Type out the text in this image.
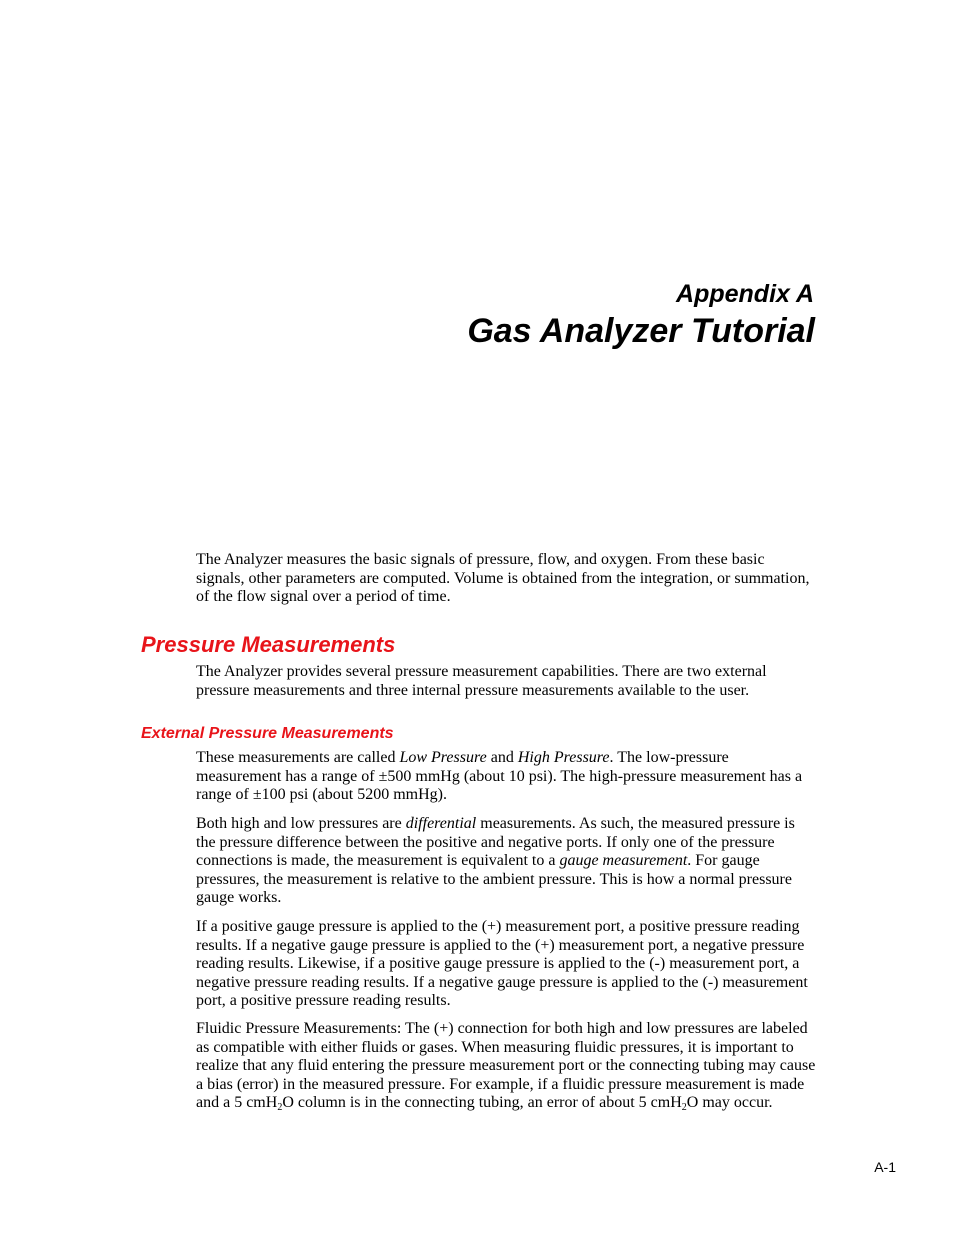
Appendix A

Gas Analyzer Tutorial

The Analyzer measures the basic signals of pressure, flow, and oxygen. From these basic signals, other parameters are computed. Volume is obtained from the integration, or summation, of the flow signal over a period of time.

Pressure Measurements

The Analyzer provides several pressure measurement capabilities. There are two external pressure measurements and three internal pressure measurements available to the user.

External Pressure Measurements

These measurements are called Low Pressure and High Pressure. The low-pressure measurement has a range of ±500 mmHg (about 10 psi). The high-pressure measurement has a range of ±100 psi (about 5200 mmHg).

Both high and low pressures are differential measurements. As such, the measured pressure is the pressure difference between the positive and negative ports. If only one of the pressure connections is made, the measurement is equivalent to a gauge measurement. For gauge pressures, the measurement is relative to the ambient pressure. This is how a normal pressure gauge works.

If a positive gauge pressure is applied to the (+) measurement port, a positive pressure reading results. If a negative gauge pressure is applied to the (+) measurement port, a negative pressure reading results. Likewise, if a positive gauge pressure is applied to the (-) measurement port, a negative pressure reading results. If a negative gauge pressure is applied to the (-) measurement port, a positive pressure reading results.

Fluidic Pressure Measurements: The (+) connection for both high and low pressures are labeled as compatible with either fluids or gases. When measuring fluidic pressures, it is important to realize that any fluid entering the pressure measurement port or the connecting tubing may cause a bias (error) in the measured pressure. For example, if a fluidic pressure measurement is made and a 5 cmH$_2$O column is in the connecting tubing, an error of about 5 cmH$_2$O may occur.

A-1
